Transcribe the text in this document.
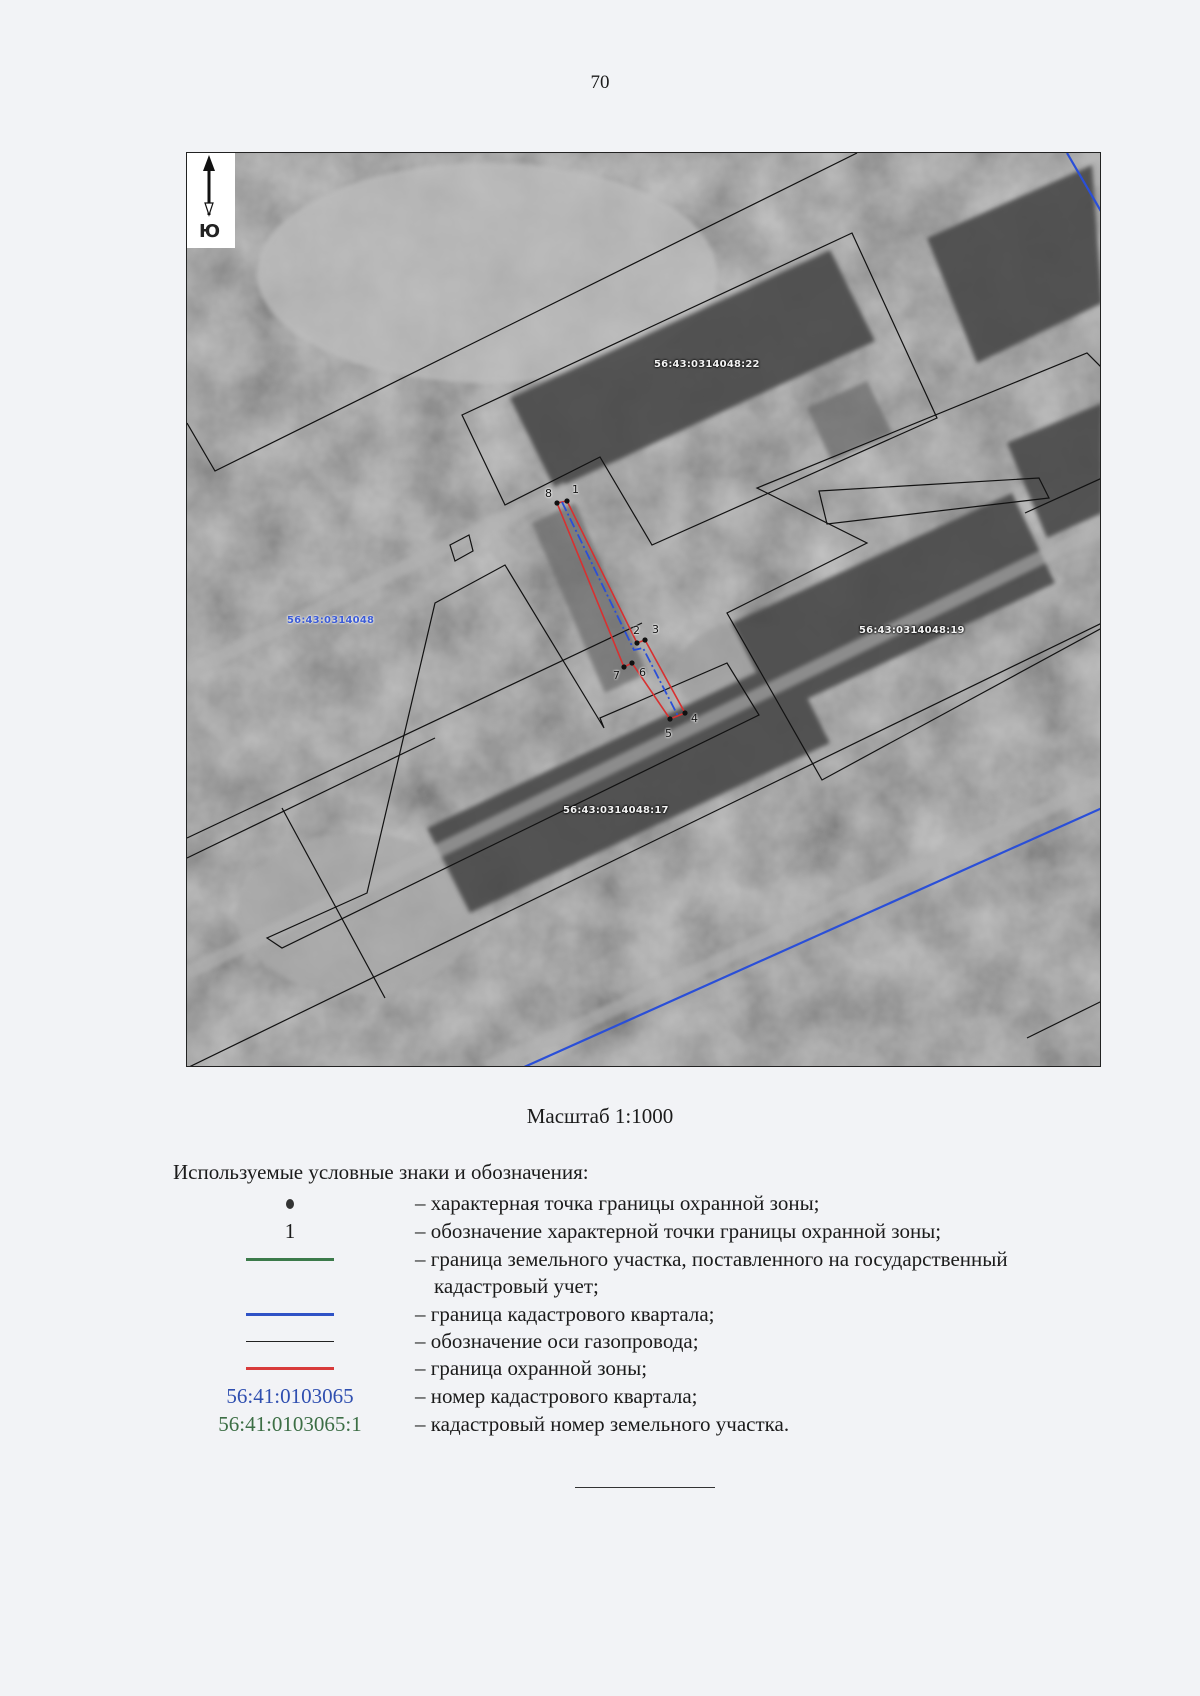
70
Ю
56:43:0314048:22
56:43:0314048:19
56:43:0314048:17
56:43:0314048
1
2 3
4
5
6
7
8
Масштаб 1:1000
Используемые условные знаки и обозначения:
– характерная точка границы охранной зоны;
1	– обозначение характерной точки границы охранной зоны;
– граница земельного участка, поставленного на государственный
кадастровый учет;
– граница кадастрового квартала;
– обозначение оси газопровода;
– граница охранной зоны;
56:41:0103065	– номер кадастрового квартала;
56:41:0103065:1	– кадастровый номер земельного участка.
